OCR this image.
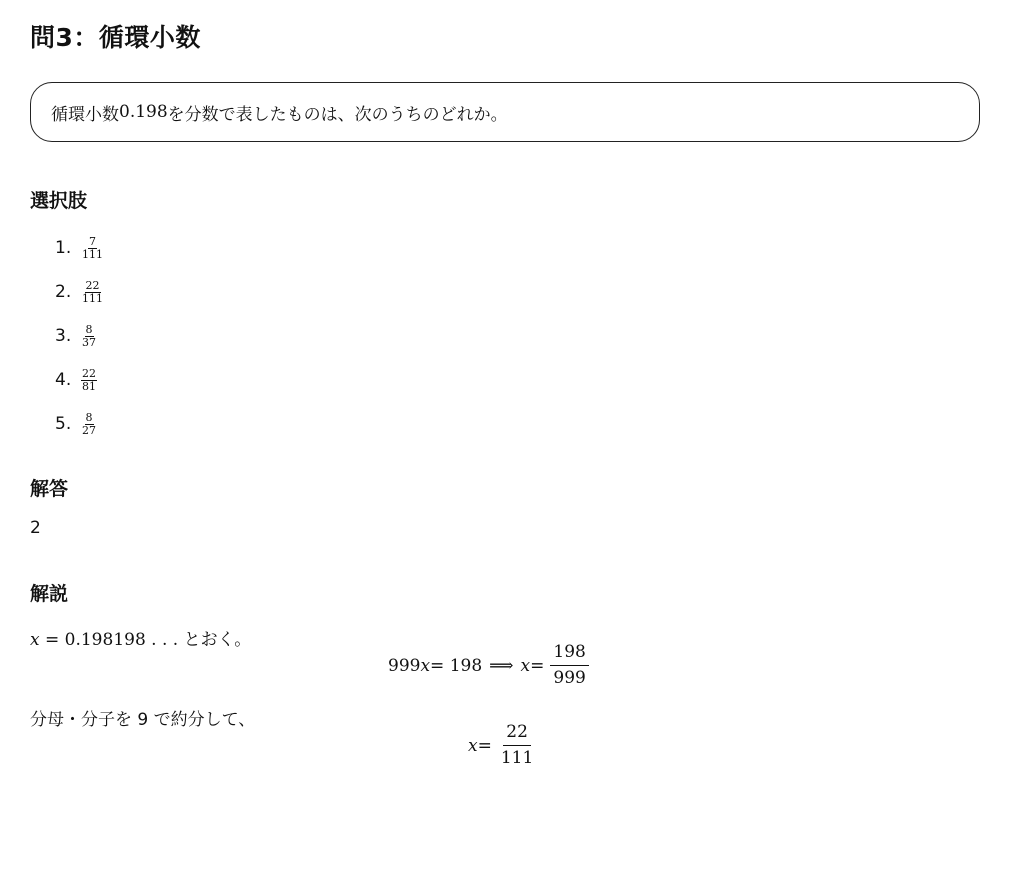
問3：循環小数
循環小数 0.198 を分数で表したものは、次のうちのどれか。
選択肢
1. $\frac{7}{111}$
2. $\frac{22}{111}$
3. $\frac{8}{37}$
4. $\frac{22}{81}$
5. $\frac{8}{27}$
解答
2
解説
x = 0.198198 . . . とおく。
999 x = 198 ⟹ $x = \frac{198}{999}$
分母・分子を 9 で約分して、
$x = \frac{22}{111}$
